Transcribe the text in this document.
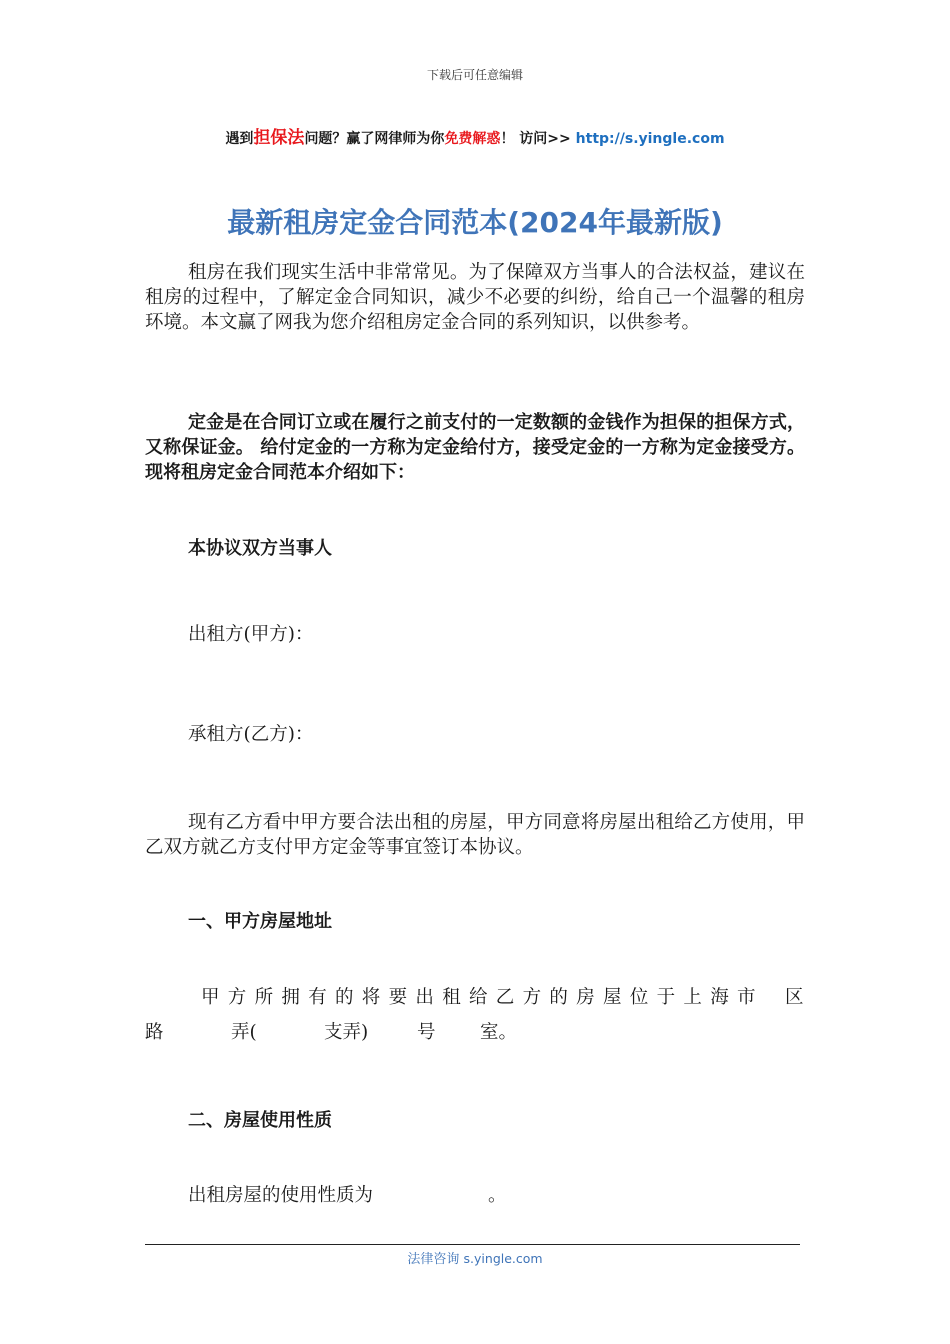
下载后可任意编辑
遇到担保法问题？赢了网律师为你免费解惑！ 访问>> http://s.yingle.com
最新租房定金合同范本(2024年最新版)

租房在我们现实生活中非常常见。为了保障双方当事人的合法权益，建议在租房的过程中，了解定金合同知识，减少不必要的纠纷，给自己一个温馨的租房环境。本文赢了网我为您介绍租房定金合同的系列知识，以供参考。

定金是在合同订立或在履行之前支付的一定数额的金钱作为担保的担保方式，又称保证金。 给付定金的一方称为定金给付方，接受定金的一方称为定金接受方。现将租房定金合同范本介绍如下：

本协议双方当事人
出租方(甲方)：
承租方(乙方)：

现有乙方看中甲方要合法出租的房屋，甲方同意将房屋出租给乙方使用，甲乙双方就乙方支付甲方定金等事宜签订本协议。

一、甲方房屋地址
甲方所拥有的将要出租给乙方的房屋位于上海市 区
路	弄(	支弄)	号 室。
二、房屋使用性质
出租房屋的使用性质为	。
法律咨询 s.yingle.com
